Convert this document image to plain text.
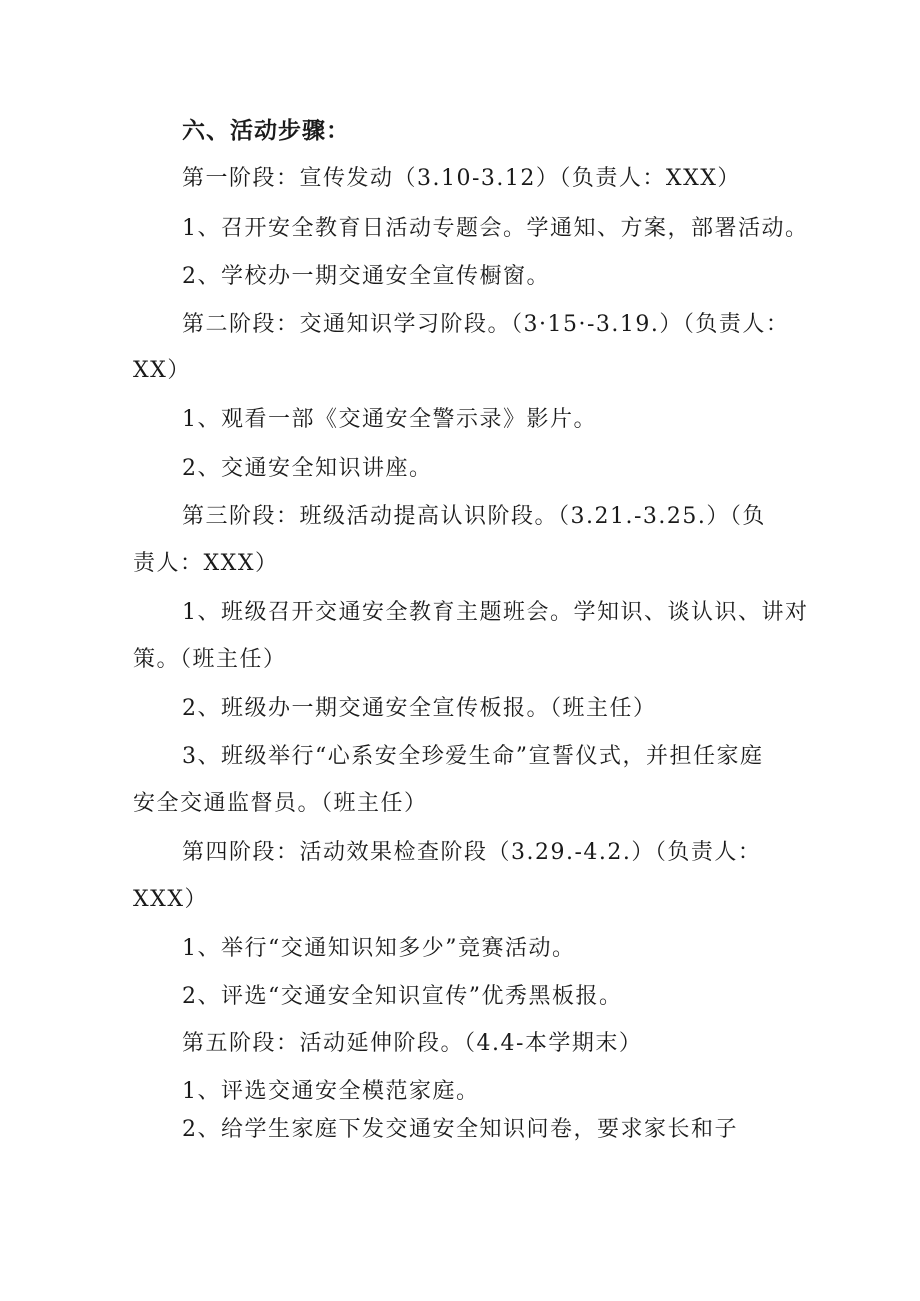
六、活动步骤：

第一阶段：宣传发动（3.10-3.12）（负责人：XXX）

1、召开安全教育日活动专题会。学通知、方案，部署活动。

2、学校办一期交通安全宣传橱窗。

第二阶段：交通知识学习阶段。（3·15·-3.19.）（负责人：

XX）

1、观看一部《交通安全警示录》影片。

2、交通安全知识讲座。

第三阶段：班级活动提高认识阶段。（3.21.-3.25.）（负

责人：XXX）

1、班级召开交通安全教育主题班会。学知识、谈认识、讲对

策。（班主任）

2、班级办一期交通安全宣传板报。（班主任）

3、班级举行“心系安全珍爱生命”宣誓仪式，并担任家庭

安全交通监督员。（班主任）

第四阶段：活动效果检查阶段（3.29.-4.2.）（负责人：

XXX）

1、举行“交通知识知多少”竞赛活动。

2、评选“交通安全知识宣传”优秀黑板报。

第五阶段：活动延伸阶段。（4.4-本学期末）

1、评选交通安全模范家庭。

2、给学生家庭下发交通安全知识问卷，要求家长和子
